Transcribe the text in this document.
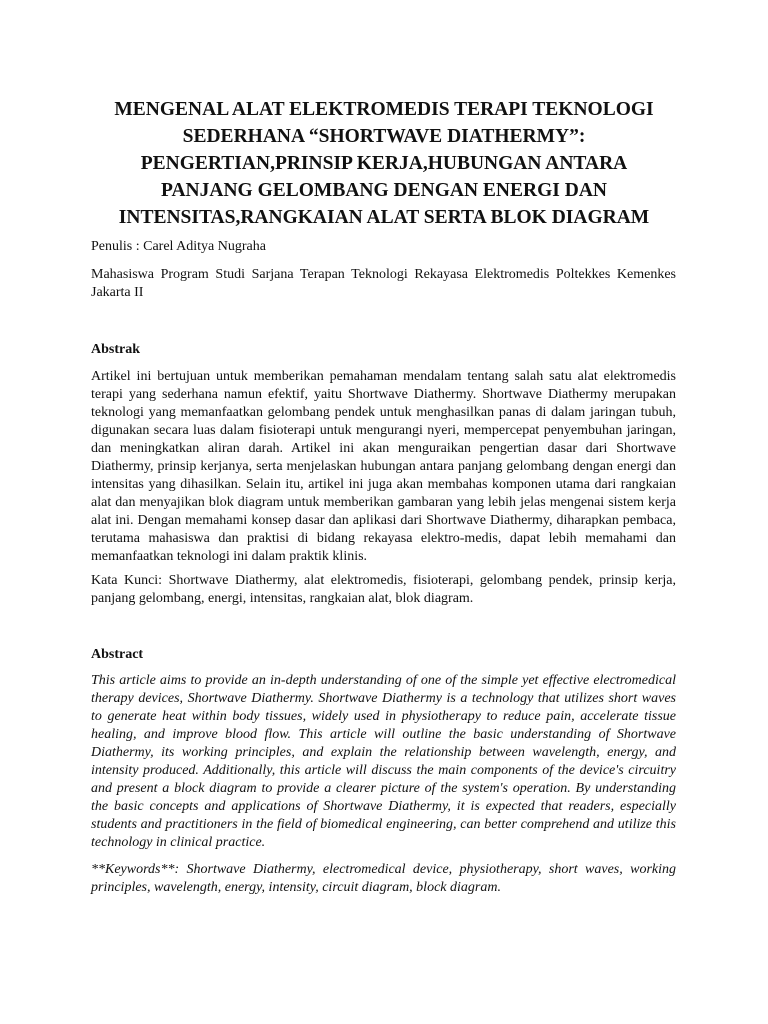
MENGENAL ALAT ELEKTROMEDIS TERAPI TEKNOLOGI
SEDERHANA “SHORTWAVE DIATHERMY”:
PENGERTIAN,PRINSIP KERJA,HUBUNGAN ANTARA
PANJANG GELOMBANG DENGAN ENERGI DAN
INTENSITAS,RANGKAIAN ALAT SERTA BLOK DIAGRAM
Penulis : Carel Aditya Nugraha
Mahasiswa Program Studi Sarjana Terapan Teknologi Rekayasa Elektromedis Poltekkes Kemenkes Jakarta II
Abstrak

Artikel ini bertujuan untuk memberikan pemahaman mendalam tentang salah satu alat elektromedis terapi yang sederhana namun efektif, yaitu Shortwave Diathermy. Shortwave Diathermy merupakan teknologi yang memanfaatkan gelombang pendek untuk menghasilkan panas di dalam jaringan tubuh, digunakan secara luas dalam fisioterapi untuk mengurangi nyeri, mempercepat penyembuhan jaringan, dan meningkatkan aliran darah. Artikel ini akan menguraikan pengertian dasar dari Shortwave Diathermy, prinsip kerjanya, serta menjelaskan hubungan antara panjang gelombang dengan energi dan intensitas yang dihasilkan. Selain itu, artikel ini juga akan membahas komponen utama dari rangkaian alat dan menyajikan blok diagram untuk memberikan gambaran yang lebih jelas mengenai sistem kerja alat ini. Dengan memahami konsep dasar dan aplikasi dari Shortwave Diathermy, diharapkan pembaca, terutama mahasiswa dan praktisi di bidang rekayasa elektro-medis, dapat lebih memahami dan memanfaatkan teknologi ini dalam praktik klinis.

Kata Kunci: Shortwave Diathermy, alat elektromedis, fisioterapi, gelombang pendek, prinsip kerja, panjang gelombang, energi, intensitas, rangkaian alat, blok diagram.

Abstract

This article aims to provide an in-depth understanding of one of the simple yet effective electromedical therapy devices, Shortwave Diathermy. Shortwave Diathermy is a technology that utilizes short waves to generate heat within body tissues, widely used in physiotherapy to reduce pain, accelerate tissue healing, and improve blood flow. This article will outline the basic understanding of Shortwave Diathermy, its working principles, and explain the relationship between wavelength, energy, and intensity produced. Additionally, this article will discuss the main components of the device's circuitry and present a block diagram to provide a clearer picture of the system's operation. By understanding the basic concepts and applications of Shortwave Diathermy, it is expected that readers, especially students and practitioners in the field of biomedical engineering, can better comprehend and utilize this technology in clinical practice.

**Keywords**: Shortwave Diathermy, electromedical device, physiotherapy, short waves, working principles, wavelength, energy, intensity, circuit diagram, block diagram.
